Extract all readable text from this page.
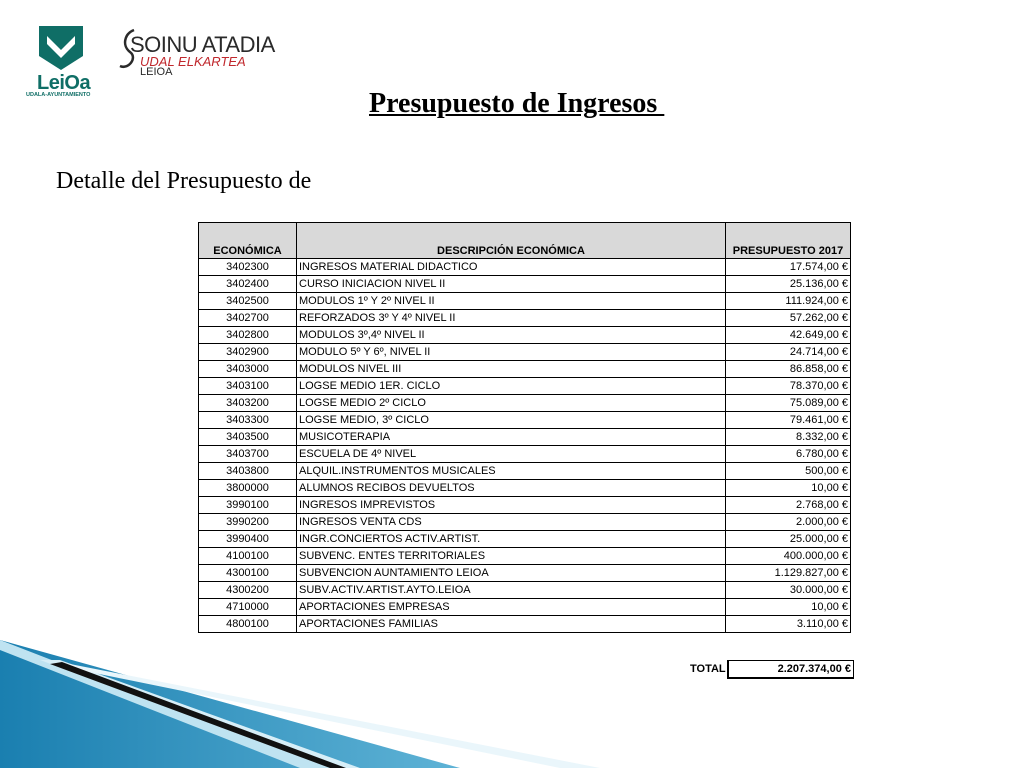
LeiOa
UDALA-AYUNTAMIENTO
SOINU ATADIA
UDAL ELKARTEA
LEIOA
Presupuesto de Ingresos
Detalle del Presupuesto de
ECONÓMICA	DESCRIPCIÓN ECONÓMICA	PRESUPUESTO 2017
3402300	INGRESOS MATERIAL DIDACTICO	17.574,00 €
3402400	CURSO INICIACION NIVEL II	25.136,00 €
3402500	MODULOS 1º Y 2º NIVEL II	111.924,00 €
3402700	REFORZADOS 3º Y 4º NIVEL II	57.262,00 €
3402800	MODULOS 3º,4º NIVEL II	42.649,00 €
3402900	MODULO 5º Y 6º, NIVEL II	24.714,00 €
3403000	MODULOS NIVEL III	86.858,00 €
3403100	LOGSE MEDIO 1ER. CICLO	78.370,00 €
3403200	LOGSE MEDIO 2º CICLO	75.089,00 €
3403300	LOGSE MEDIO, 3º CICLO	79.461,00 €
3403500	MUSICOTERAPIA	8.332,00 €
3403700	ESCUELA DE 4º NIVEL	6.780,00 €
3403800	ALQUIL.INSTRUMENTOS MUSICALES	500,00 €
3800000	ALUMNOS RECIBOS DEVUELTOS	10,00 €
3990100	INGRESOS IMPREVISTOS	2.768,00 €
3990200	INGRESOS VENTA CDS	2.000,00 €
3990400	INGR.CONCIERTOS ACTIV.ARTIST.	25.000,00 €
4100100	SUBVENC. ENTES TERRITORIALES	400.000,00 €
4300100	SUBVENCION AUNTAMIENTO LEIOA	1.129.827,00 €
4300200	SUBV.ACTIV.ARTIST.AYTO.LEIOA	30.000,00 €
4710000	APORTACIONES EMPRESAS	10,00 €
4800100	APORTACIONES FAMILIAS	3.110,00 €
TOTAL	2.207.374,00 €
